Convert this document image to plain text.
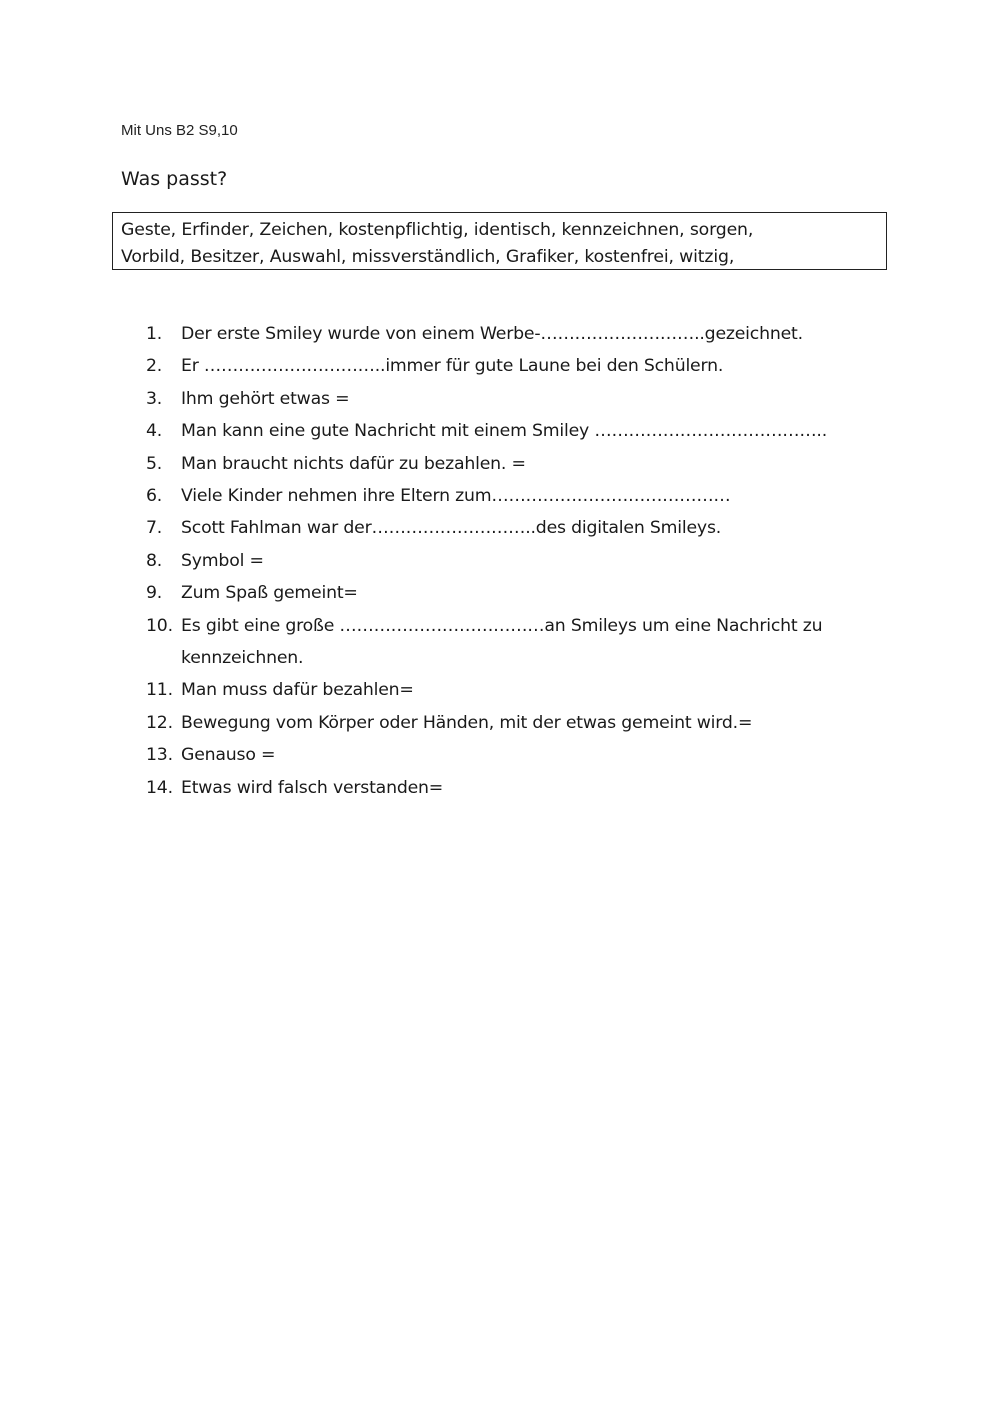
Mit Uns B2 S9,10
Was passt?
Geste, Erfinder, Zeichen, kostenpflichtig, identisch, kennzeichnen, sorgen,
Vorbild, Besitzer, Auswahl, missverständlich, Grafiker, kostenfrei, witzig,
1.	Der erste Smiley wurde von einem Werbe-………………………..gezeichnet.
2.	Er …………………………..immer für gute Laune bei den Schülern.
3.	Ihm gehört etwas =
4.	Man kann eine gute Nachricht mit einem Smiley …………………………………..
5.	Man braucht nichts dafür zu bezahlen. =
6.	Viele Kinder nehmen ihre Eltern zum……………………………………
7.	Scott Fahlman war der………………………..des digitalen Smileys.
8.	Symbol =
9.	Zum Spaß gemeint=
10. Es gibt eine große ………………………………an Smileys um eine Nachricht zu
kennzeichnen.
11. Man muss dafür bezahlen=
12. Bewegung vom Körper oder Händen, mit der etwas gemeint wird.=
13. Genauso =
14. Etwas wird falsch verstanden=
